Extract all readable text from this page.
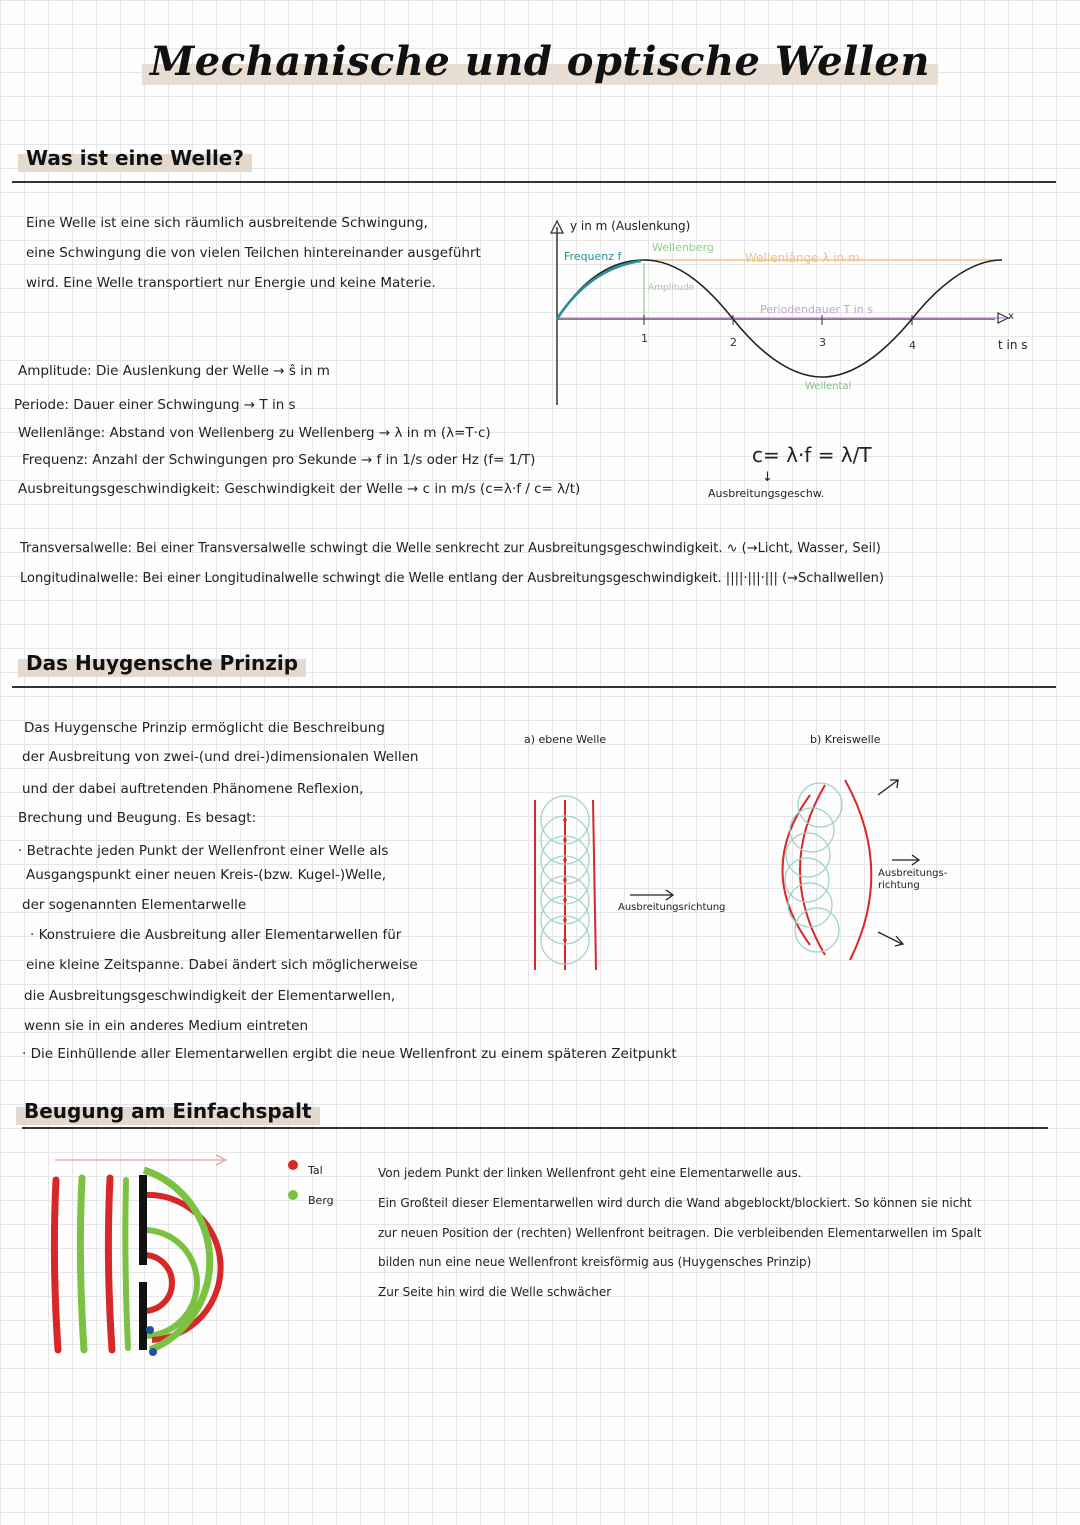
Mechanische und optische Wellen
Was ist eine Welle?
Eine Welle ist eine sich räumlich ausbreitende Schwingung,
eine Schwingung die von vielen Teilchen hintereinander ausgeführt
wird. Eine Welle transportiert nur Energie und keine Materie.
1	2	3	4
y in m (Auslenkung)
x
t in s
Frequenz f
Wellenberg
Amplitude
Wellenlänge λ in m
Periodendauer T in s
Wellental
Amplitude: Die Auslenkung der Welle → ŝ in m
Periode: Dauer einer Schwingung → T in s
Wellenlänge: Abstand von Wellenberg zu Wellenberg → λ in m (λ=T·c)
Frequenz: Anzahl der Schwingungen pro Sekunde → f in 1/s oder Hz (f= 1/T)
Ausbreitungsgeschwindigkeit: Geschwindigkeit der Welle → c in m/s (c=λ·f / c= λ/t)
c= λ·f = λ/T
↓
Ausbreitungsgeschw.
Transversalwelle: Bei einer Transversalwelle schwingt die Welle senkrecht zur Ausbreitungsgeschwindigkeit. ∿ (→Licht, Wasser, Seil)
Longitudinalwelle: Bei einer Longitudinalwelle schwingt die Welle entlang der Ausbreitungsgeschwindigkeit. ||||·|||·||| (→Schallwellen)
Das Huygensche Prinzip
Das Huygensche Prinzip ermöglicht die Beschreibung
der Ausbreitung von zwei-(und drei-)dimensionalen Wellen
und der dabei auftretenden Phänomene Reflexion,
Brechung und Beugung. Es besagt:
· Betrachte jeden Punkt der Wellenfront einer Welle als
Ausgangspunkt einer neuen Kreis-(bzw. Kugel-)Welle,
der sogenannten Elementarwelle
· Konstruiere die Ausbreitung aller Elementarwellen für
eine kleine Zeitspanne. Dabei ändert sich möglicherweise
die Ausbreitungsgeschwindigkeit der Elementarwellen,
wenn sie in ein anderes Medium eintreten
· Die Einhüllende aller Elementarwellen ergibt die neue Wellenfront zu einem späteren Zeitpunkt
a) ebene Welle
Ausbreitungsrichtung
b) Kreiswelle
Ausbreitungs-richtung
Beugung am Einfachspalt
Tal
Berg
Von jedem Punkt der linken Wellenfront geht eine Elementarwelle aus.
Ein Großteil dieser Elementarwellen wird durch die Wand abgeblockt/blockiert. So können sie nicht
zur neuen Position der (rechten) Wellenfront beitragen. Die verbleibenden Elementarwellen im Spalt
bilden nun eine neue Wellenfront kreisförmig aus (Huygensches Prinzip)
Zur Seite hin wird die Welle schwächer
